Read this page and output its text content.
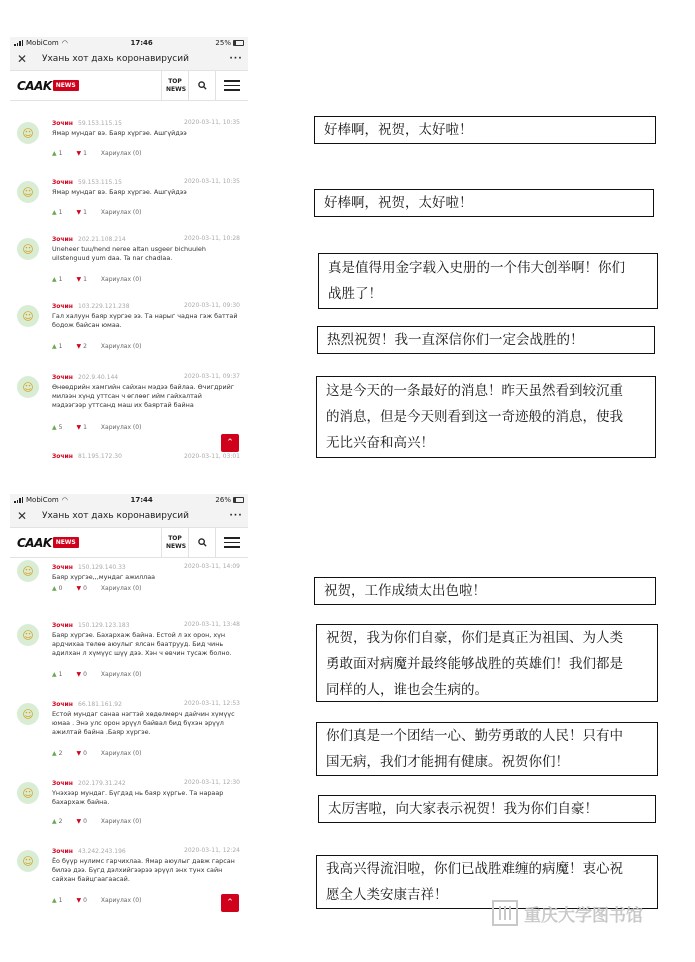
MobiCom ◠	17:46	25%
✕	Ухань хот дахь коронавирусий	···
CAAK NEWS
TOP NEWS
☺
Зочин 59.153.115.15	2020-03-11, 10:35
Ямар мундаг вэ. Баяр хүргэе. Ашгүйдээ
▲ 1 ▼ 1 Хариулах (0)
☺
Зочин 59.153.115.15	2020-03-11, 10:35
Ямар мундаг вэ. Баяр хүргэе. Ашгүйдээ
▲ 1 ▼ 1 Хариулах (0)
☺
Зочин 202.21.108.214	2020-03-11, 10:28
Uneheer tuu/hend neree altan usgeer bichuuleh uilstenguud yum daa. Ta nar chadlaa.
▲ 1 ▼ 1 Хариулах (0)
☺
Зочин 103.229.121.238	2020-03-11, 09:30
Гал халуун баяр хүргэе ээ. Та нарыг чадна гэж баттай бодож байсан юмаа.
▲ 1 ▼ 2 Хариулах (0)
☺
Зочин 202.9.40.144	2020-03-11, 09:37
Өнөөдрийн хамгийн сайхан мэдээ байлаа. Өчигдрийг милээн хүнд уттсан ч өглөөг ийм гайхалтай мэдээгээр уттсанд маш их баяртай байна
▲ 5 ▼ 1 Хариулах (0)
Зочин 81.195.172.30	2020-03-11, 03:01
⌃
MobiCom ◠	17:44	26%
✕	Ухань хот дахь коронавирусий	···
CAAK NEWS
TOP NEWS
☺	Зочин 150.129.140.33	2020-03-11, 14:09
Баяр хүргэе,,,мундаг ажиллаа
▲ 0 ▼ 0 Хариулах (0)
☺
Зочин 150.129.123.183	2020-03-11, 13:48
Баяр хүргэе. Бахархаж байна. Естой л эх орон, хүн ардчихаа төлөө аюулыг ялсан баатрууд. Бид чинь адилхан л хүмүүс шүү дээ. Хэн ч өвчин тусаж болно.
▲ 1 ▼ 0 Хариулах (0)
☺
Зочин 66.181.161.92	2020-03-11, 12:53
Естой мундаг санаа нэгтэй хөдөлмөрч дайчин хүмүүс юмаа . Энэ улс орон эрүүл байвал бид бүхэн эрүүл ажилтай байна .Баяр хүргэе.
▲ 2 ▼ 0 Хариулах (0)
☺
Зочин 202.179.31.242	2020-03-11, 12:30
Үнэхээр мундаг. Бүгдэд нь баяр хүргье. Та нараар бахархаж байна.
▲ 2 ▼ 0 Хариулах (0)
☺
Зочин 43.242.243.196	2020-03-11, 12:24
Ёо бүүр нулимс гарчихлаа. Ямар аюулыг давж гарсан билээ дээ. Бүгд дэлхийгээрээ эрүүл энх тунх сайн сайхан байцгаагаасай.
▲ 1 ▼ 0 Хариулах (0)	⌃
好棒啊，祝贺，太好啦！
好棒啊，祝贺，太好啦！
真是值得用金字载入史册的一个伟大创举啊！你们
战胜了！
热烈祝贺！我一直深信你们一定会战胜的！
这是今天的一条最好的消息！昨天虽然看到较沉重
的消息，但是今天则看到这一奇迹般的消息，使我
无比兴奋和高兴！
祝贺，工作成绩太出色啦！
祝贺，我为你们自豪，你们是真正为祖国、为人类
勇敢面对病魔并最终能够战胜的英雄们！我们都是
同样的人，谁也会生病的。
你们真是一个团结一心、勤劳勇敢的人民！只有中
国无病，我们才能拥有健康。祝贺你们！
太厉害啦，向大家表示祝贺！我为你们自豪！
我高兴得流泪啦，你们已战胜难缠的病魔！衷心祝
愿全人类安康吉祥！
重庆大学图书馆
